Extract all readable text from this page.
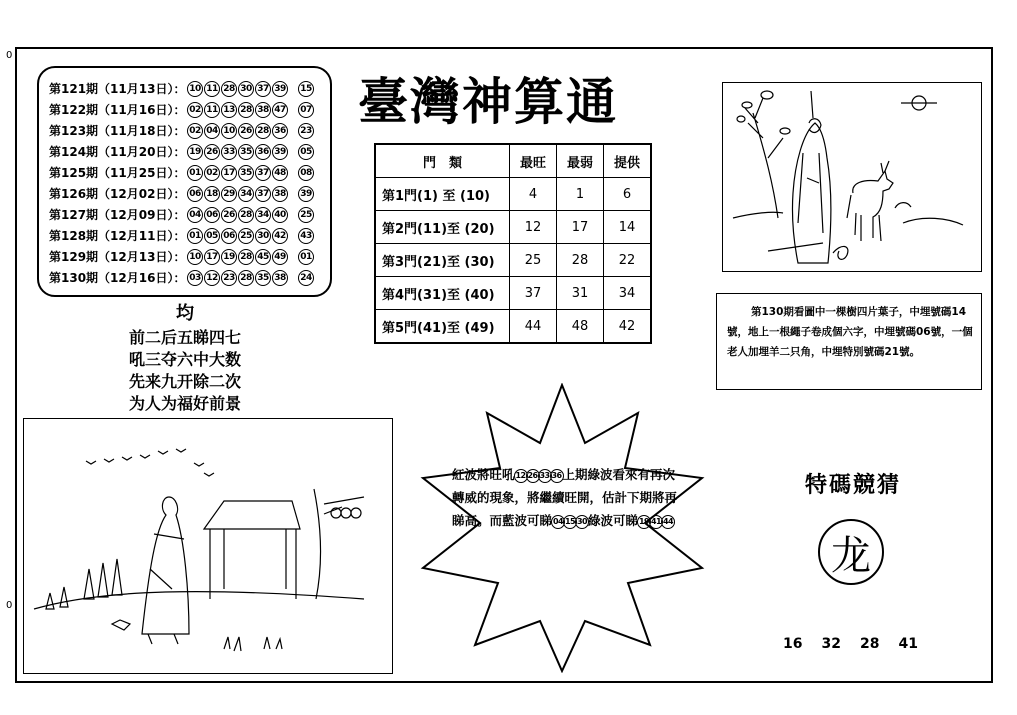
0
0
第121期（11月13日）： 10 11 28 30 37 39 15
第122期（11月16日）： 02 11 13 28 38 47 07
第123期（11月18日）： 02 04 10 26 28 36 23
第124期（11月20日）： 19 26 33 35 36 39 05
第125期（11月25日）： 01 02 17 35 37 48 08
第126期（12月02日）： 06 18 29 34 37 38 39
第127期（12月09日）： 04 06 26 28 34 40 25
第128期（12月11日）： 01 05 06 25 30 42 43
第129期（12月13日）： 10 17 19 28 45 49 01
第130期（12月16日）： 03 12 23 28 35 38 24
臺灣神算通
門　類	最旺	最弱	提供
第1門(1) 至 (10)	4	1	6
第2門(11)至 (20)	12	17	14
第3門(21)至 (30)	25	28	22
第4門(31)至 (40)	37	31	34
第5門(41)至 (49)	44	48	42
均
前二后五睇四七
吼三夺六中大数
先来九开除二次
为人为福好前景
第130期看圖中一棵樹四片葉子，中埋號碼14號，地上一根繩子卷成個六字，中埋號碼06號，一個老人加埋羊二只角，中埋特別號碼21號。
紅波將旺吼12 26 33 36上期綠波看來有再次轉威的現象，將繼續旺開，估計下期將再睇高。而藍波可睇04 15 30綠波可睇19 41 44
特碼競猜
龙
16 32 28 41
